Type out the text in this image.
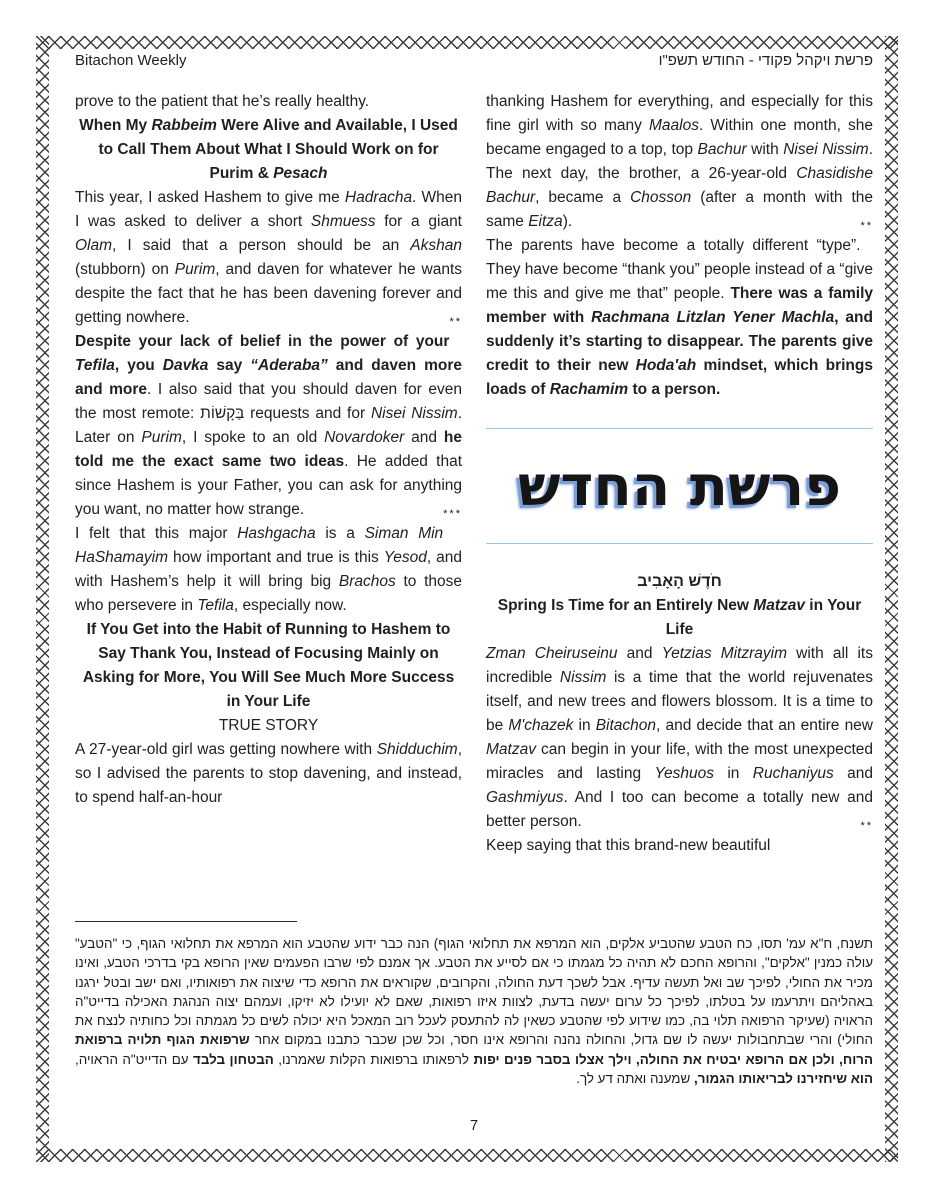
Bitachon Weekly	פרשת ויקהל פקודי - החודש תשפ"ו

prove to the patient that he’s really healthy.

When My Rabbeim Were Alive and Available, I Used to Call Them About What I Should Work on for Purim & Pesach

This year, I asked Hashem to give me Hadracha. When I was asked to deliver a short Shmuess for a giant Olam, I said that a person should be an Akshan (stubborn) on Purim, and daven for whatever he wants despite the fact that he has been davening forever and getting nowhere.	**

Despite your lack of belief in the power of your Tefila, you Davka say “Aderaba” and daven more and more. I also said that you should daven for even the most remote: בַּקָשׁוֹת requests and for Nisei Nissim. Later on Purim, I spoke to an old Novardoker and he told me the exact same two ideas. He added that since Hashem is your Father, you can ask for anything you want, no matter how strange.	***

I felt that this major Hashgacha is a Siman Min HaShamayim how important and true is this Yesod, and with Hashem’s help it will bring big Brachos to those who persevere in Tefila, especially now.

If You Get into the Habit of Running to Hashem to Say Thank You, Instead of Focusing Mainly on Asking for More, You Will See Much More Success in Your Life

TRUE STORY

A 27-year-old girl was getting nowhere with Shidduchim, so I advised the parents to stop davening, and instead, to spend half-an-hour

thanking Hashem for everything, and especially for this fine girl with so many Maalos. Within one month, she became engaged to a top, top Bachur with Nisei Nissim. The next day, the brother, a 26-year-old Chasidishe Bachur, became a Chosson (after a month with the same Eitza).	**

The parents have become a totally different “type”. They have become “thank you” people instead of a “give me this and give me that” people. There was a family member with Rachmana Litzlan Yener Machla, and suddenly it’s starting to disappear. The parents give credit to their new Hoda'ah mindset, which brings loads of Rachamim to a person.

פרשת החדש

חֹדֶשׁ הָאָבִיב

Spring Is Time for an Entirely New Matzav in Your Life

Zman Cheiruseinu and Yetzias Mitzrayim with all its incredible Nissim is a time that the world rejuvenates itself, and new trees and flowers blossom. It is a time to be M'chazek in Bitachon, and decide that an entire new Matzav can begin in your life, with the most unexpected miracles and lasting Yeshuos in Ruchaniyus and Gashmiyus. And I too can become a totally new and better person.	**

Keep saying that this brand-new beautiful

תשנח, ח"א עמ' תסו, כח הטבע שהטביע אלקים, הוא המרפא את תחלואי הגוף) הנה כבר ידוע שהטבע הוא המרפא את תחלואי הגוף, כי "הטבע" עולה כמנין "אלקים", והרופא החכם לא תהיה כל מגמתו כי אם לסייע את הטבע. אך אמנם לפי שרבו הפעמים שאין הרופא בקי בדרכי הטבע, ואינו מכיר את החולי, לפיכך שב ואל תעשה עדיף. אבל לשכך דעת החולה, והקרובים, שקוראים את הרופא כדי שיצוה את רפואותיו, ואם ישב ובטל ירגנו באהליהם ויתרעמו על בטלתו, לפיכך כל ערום יעשה בדעת, לצוות איזו רפואות, שאם לא יועילו לא יזיקו, ועמהם יצוה הנהגת האכילה בדייט"ה הראויה (שעיקר הרפואה תלוי בה, כמו שידוע לפי שהטבע כשאין לה להתעסק לעכל רוב המאכל היא יכולה לשים כל מגמתה וכל כחותיה לנצח את החולי) והרי שבתחבולות יעשה לו שם גדול, והחולה נהנה והרופא אינו חסר, וכל שכן שכבר כתבנו במקום אחר שרפואת הגוף תלויה ברפואת הרוח, ולכן אם הרופא יבטיח את החולה, וילך אצלו בסבר פנים יפות לרפאותו ברפואות הקלות שאמרנו, הבטחון בלבד עם הדייט"ה הראויה, הוא שיחזירנו לבריאותו הגמור, שמענה ואתה דע לך.
7
